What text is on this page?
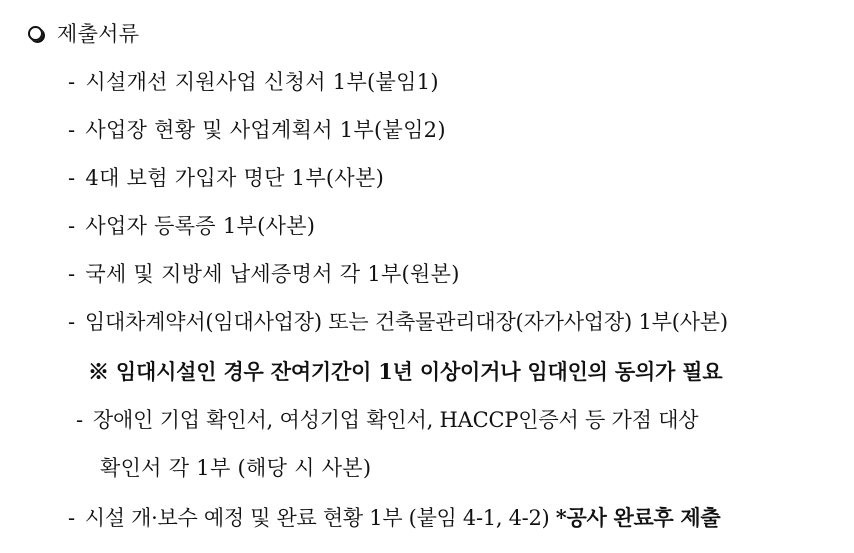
제출서류
- 시설개선 지원사업 신청서 1부(붙임1)
- 사업장 현황 및 사업계획서 1부(붙임2)
- 4대 보험 가입자 명단 1부(사본)
- 사업자 등록증 1부(사본)
- 국세 및 지방세 납세증명서 각 1부(원본)
- 임대차계약서(임대사업장) 또는 건축물관리대장(자가사업장) 1부(사본)
※ 임대시설인 경우 잔여기간이 1년 이상이거나 임대인의 동의가 필요
- 장애인 기업 확인서, 여성기업 확인서, HACCP인증서 등 가점 대상
확인서 각 1부 (해당 시 사본)
- 시설 개·보수 예정 및 완료 현황 1부 (붙임 4-1, 4-2) *공사 완료후 제출
